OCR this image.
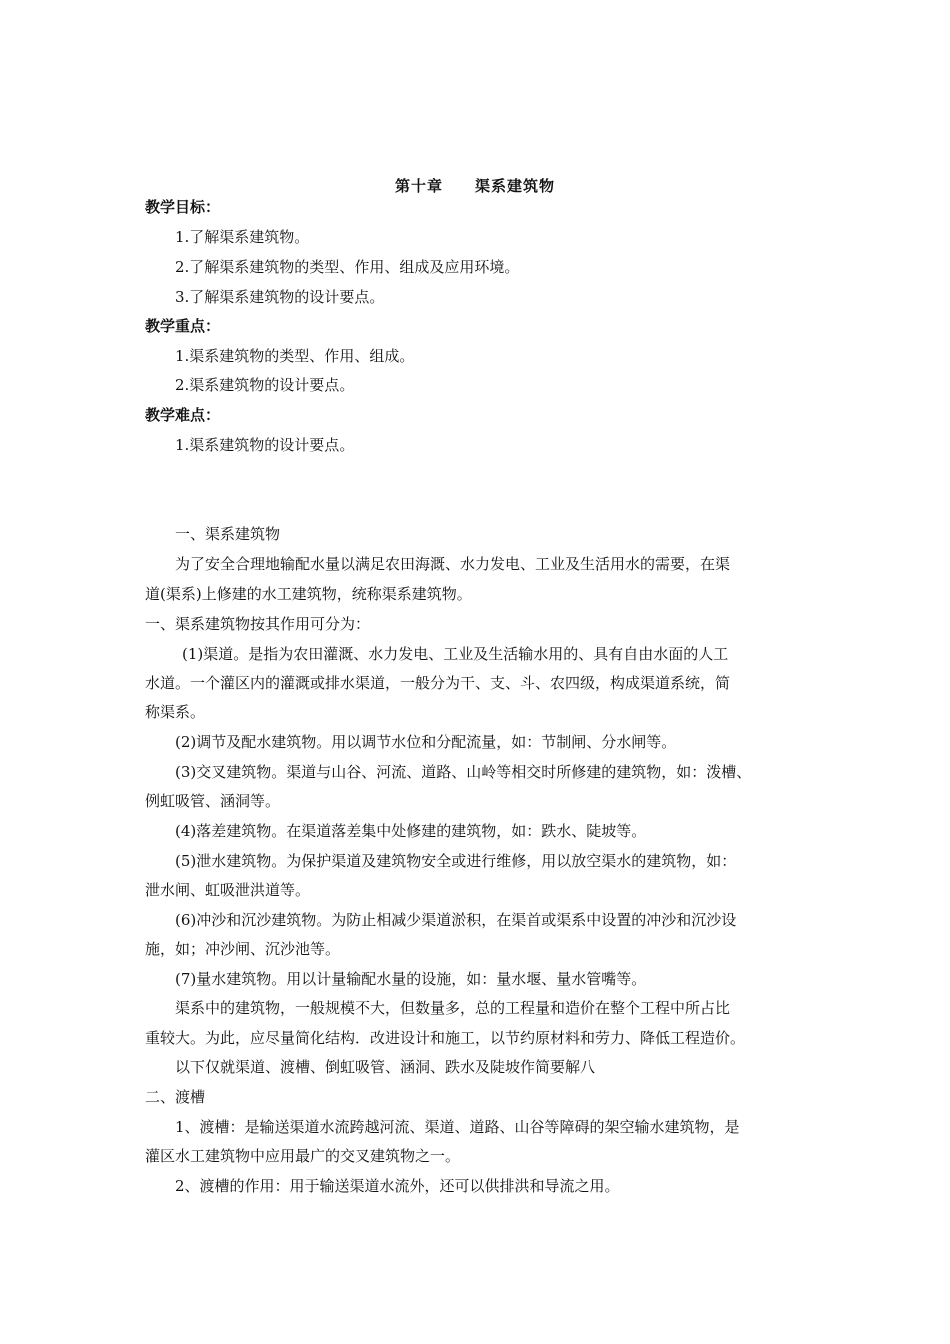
第十章　　渠系建筑物
教学目标：
1.了解渠系建筑物。
2.了解渠系建筑物的类型、作用、组成及应用环境。
3.了解渠系建筑物的设计要点。
教学重点：
1.渠系建筑物的类型、作用、组成。
2.渠系建筑物的设计要点。
教学难点：
1.渠系建筑物的设计要点。
一、渠系建筑物
为了安全合理地输配水量以满足农田海溉、水力发电、工业及生活用水的需要，在渠
道(渠系)上修建的水工建筑物，统称渠系建筑物。
一、渠系建筑物按其作用可分为：
(1)渠道。是指为农田灌溉、水力发电、工业及生活输水用的、具有自由水面的人工
水道。一个灌区内的灌溉或排水渠道，一般分为干、支、斗、农四级，构成渠道系统，简
称渠系。
(2)调节及配水建筑物。用以调节水位和分配流量，如：节制闸、分水闸等。
(3)交叉建筑物。渠道与山谷、河流、道路、山岭等相交时所修建的建筑物，如：泼槽、
例虹吸管、涵洞等。
(4)落差建筑物。在渠道落差集中处修建的建筑物，如：跌水、陡坡等。
(5)泄水建筑物。为保护渠道及建筑物安全或进行维修，用以放空渠水的建筑物，如：
泄水闸、虹吸泄洪道等。
(6)冲沙和沉沙建筑物。为防止相减少渠道淤积，在渠首或渠系中设置的冲沙和沉沙设
施，如；冲沙闸、沉沙池等。
(7)量水建筑物。用以计量输配水量的设施，如：量水堰、量水管嘴等。
渠系中的建筑物，一般规模不大，但数量多，总的工程量和造价在整个工程中所占比
重较大。为此，应尽量简化结构．改进设计和施工，以节约原材料和劳力、降低工程造价。
以下仅就渠道、渡槽、倒虹吸管、涵洞、跌水及陡坡作简要解八
二、渡槽
1、渡槽：是输送渠道水流跨越河流、渠道、道路、山谷等障碍的架空输水建筑物，是
灌区水工建筑物中应用最广的交叉建筑物之一。
2、渡槽的作用：用于输送渠道水流外，还可以供排洪和导流之用。
